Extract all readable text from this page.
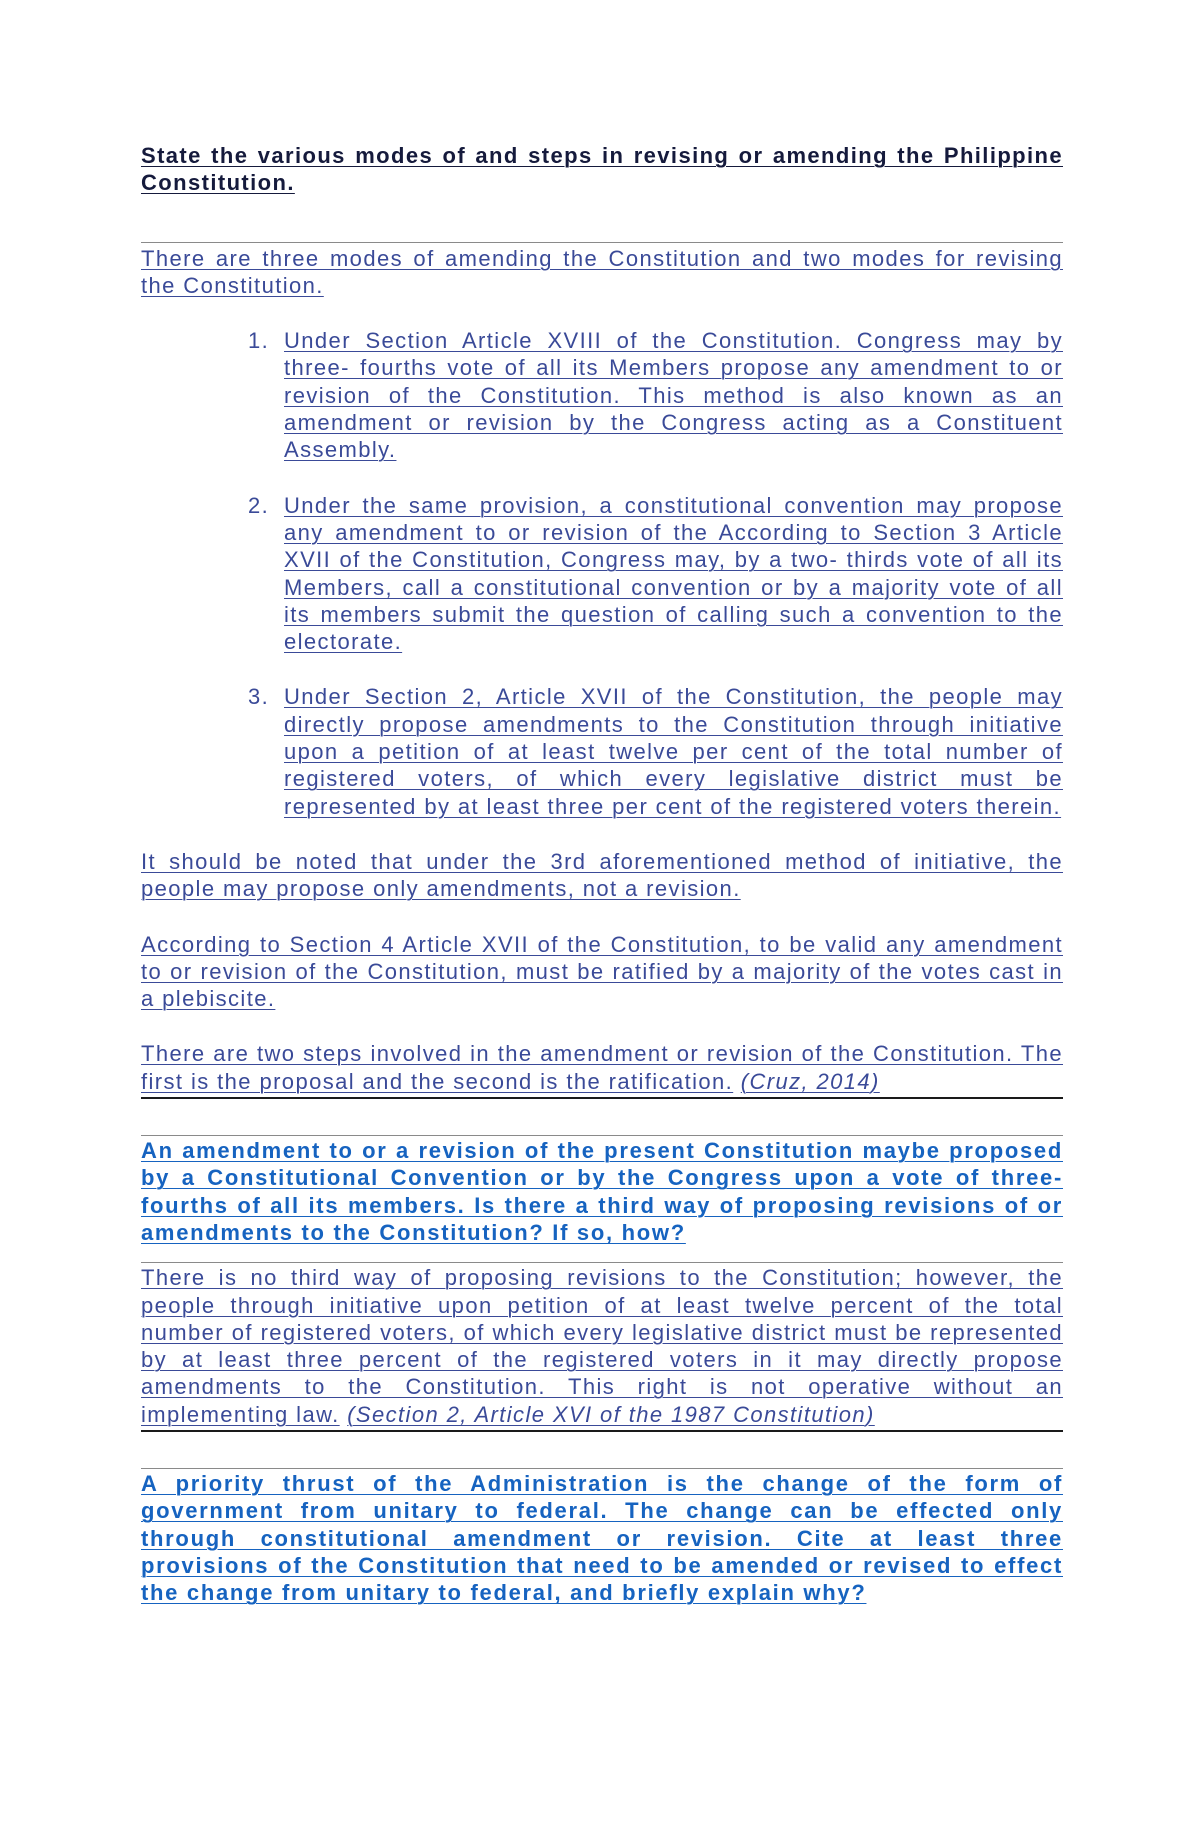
State the various modes of and steps in revising or amending the Philippine Constitution.

There are three modes of amending the Constitution and two modes for revising the Constitution.

1. Under Section Article XVIII of the Constitution. Congress may by three- fourths vote of all its Members propose any amendment to or revision of the Constitution. This method is also known as an amendment or revision by the Congress acting as a Constituent Assembly.
2. Under the same provision, a constitutional convention may propose any amendment to or revision of the According to Section 3 Article XVII of the Constitution, Congress may, by a two- thirds vote of all its Members, call a constitutional convention or by a majority vote of all its members submit the question of calling such a convention to the electorate.
3. Under Section 2, Article XVII of the Constitution, the people may directly propose amendments to the Constitution through initiative upon a petition of at least twelve per cent of the total number of registered voters, of which every legislative district must be represented by at least three per cent of the registered voters therein.

It should be noted that under the 3rd aforementioned method of initiative, the people may propose only amendments, not a revision.

According to Section 4 Article XVII of the Constitution, to be valid any amendment to or revision of the Constitution, must be ratified by a majority of the votes cast in a plebiscite.

There are two steps involved in the amendment or revision of the Constitution. The first is the proposal and the second is the ratification. (Cruz, 2014)

An amendment to or a revision of the present Constitution maybe proposed by a Constitutional Convention or by the Congress upon a vote of three-fourths of all its members. Is there a third way of proposing revisions of or amendments to the Constitution? If so, how?

There is no third way of proposing revisions to the Constitution; however, the people through initiative upon petition of at least twelve percent of the total number of registered voters, of which every legislative district must be represented by at least three percent of the registered voters in it may directly propose amendments to the Constitution. This right is not operative without an implementing law. (Section 2, Article XVI of the 1987 Constitution)

A priority thrust of the Administration is the change of the form of government from unitary to federal. The change can be effected only through constitutional amendment or revision. Cite at least three provisions of the Constitution that need to be amended or revised to effect the change from unitary to federal, and briefly explain why?
